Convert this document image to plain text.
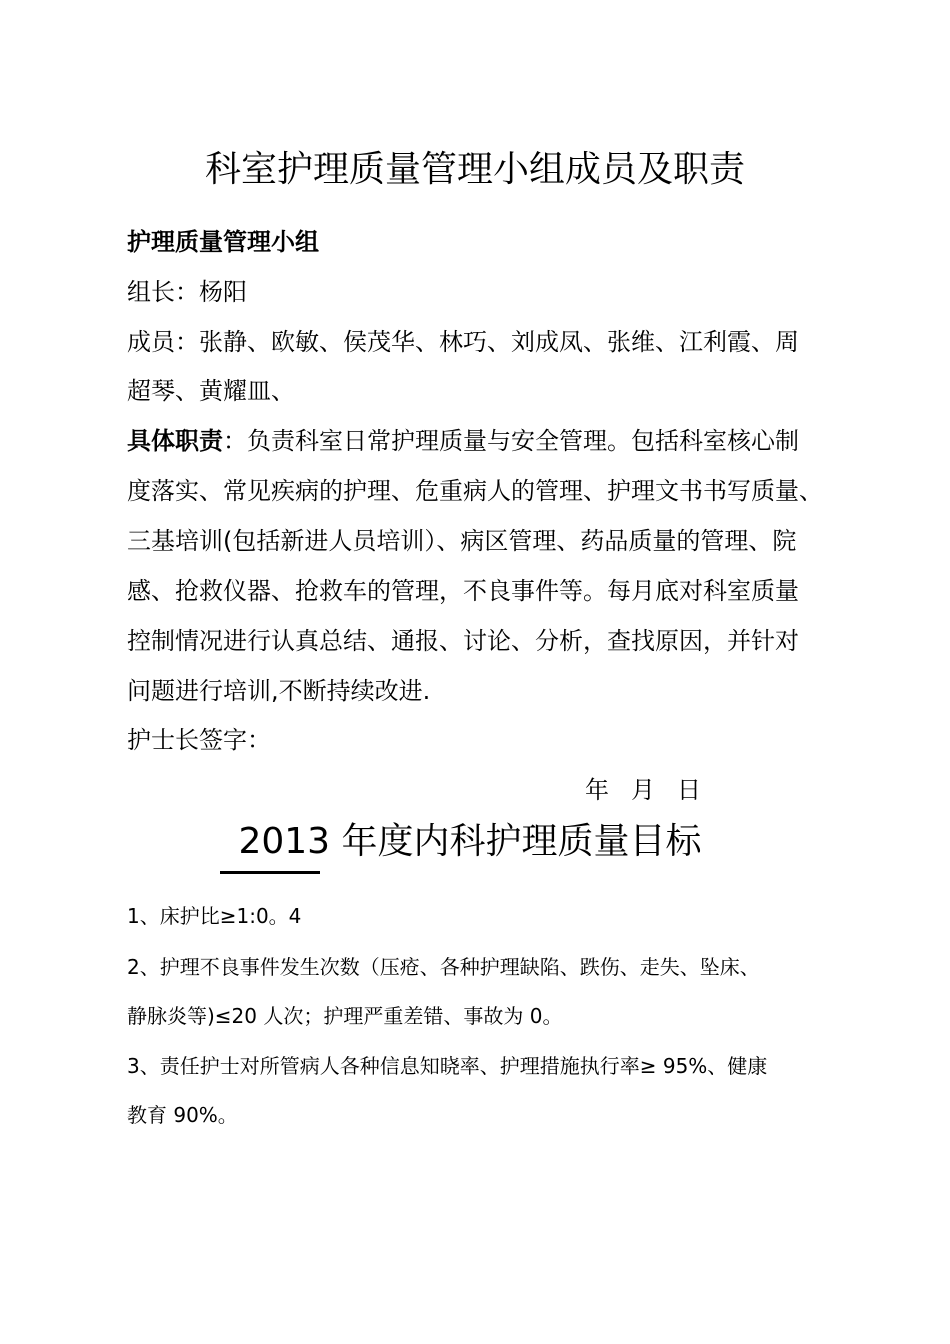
科室护理质量管理小组成员及职责
护理质量管理小组
组长：杨阳
成员：张静、欧敏、侯茂华、林巧、刘成凤、张维、江利霞、周
超琴、黄耀皿、
具体职责：负责科室日常护理质量与安全管理。包括科室核心制
度落实、常见疾病的护理、危重病人的管理、护理文书书写质量、
三基培训(包括新进人员培训）、病区管理、药品质量的管理、院
感、抢救仪器、抢救车的管理，不良事件等。每月底对科室质量
控制情况进行认真总结、通报、讨论、分析，查找原因，并针对
问题进行培训,不断持续改进.
护士长签字：
年 月 日
2013 年度内科护理质量目标
1、床护比≥1:0。4
2、护理不良事件发生次数（压疮、各种护理缺陷、跌伤、走失、坠床、
静脉炎等)≤20 人次；护理严重差错、事故为 0。
3、责任护士对所管病人各种信息知晓率、护理措施执行率≥ 95%、健康
教育 90%。
